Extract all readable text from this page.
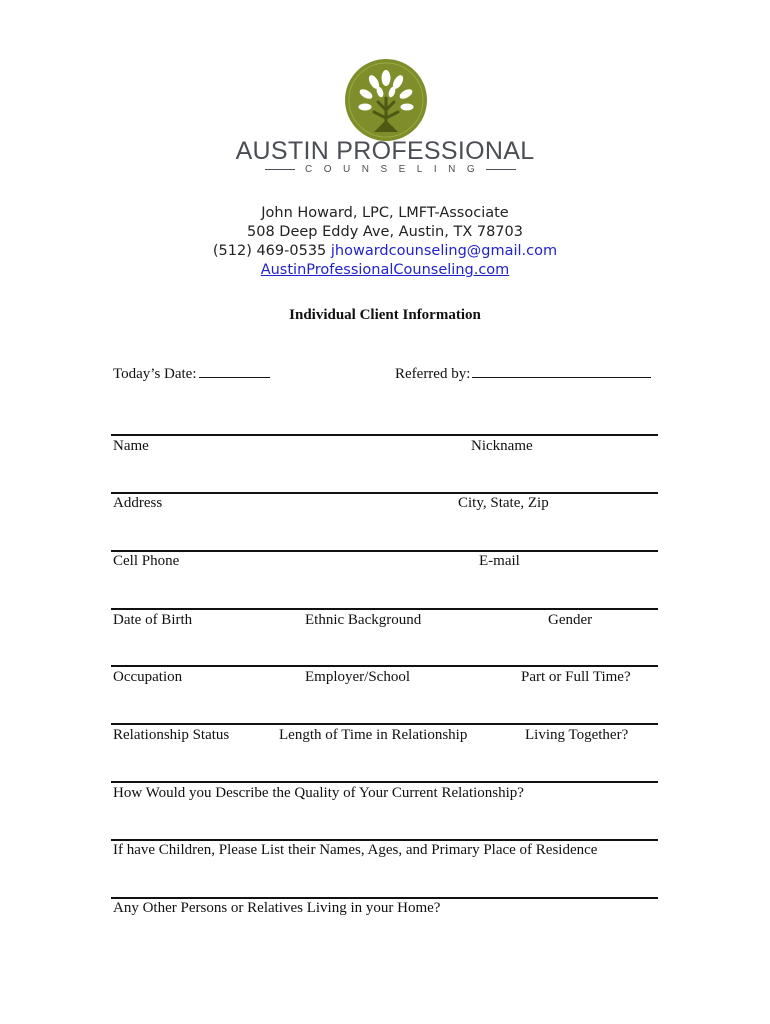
AUSTIN PROFESSIONAL
COUNSELING
John Howard, LPC, LMFT-Associate
508 Deep Eddy Ave, Austin, TX 78703
(512) 469-0535 jhowardcounseling@gmail.com
AustinProfessionalCounseling.com
Individual Client Information
Today’s Date:	Referred by:
Name	Nickname
Address	City, State, Zip
Cell Phone	E-mail
Date of Birth	Ethnic Background	Gender
Occupation	Employer/School	Part or Full Time?
Relationship Status	Length of Time in Relationship	Living Together?
How Would you Describe the Quality of Your Current Relationship?
If have Children, Please List their Names, Ages, and Primary Place of Residence
Any Other Persons or Relatives Living in your Home?
